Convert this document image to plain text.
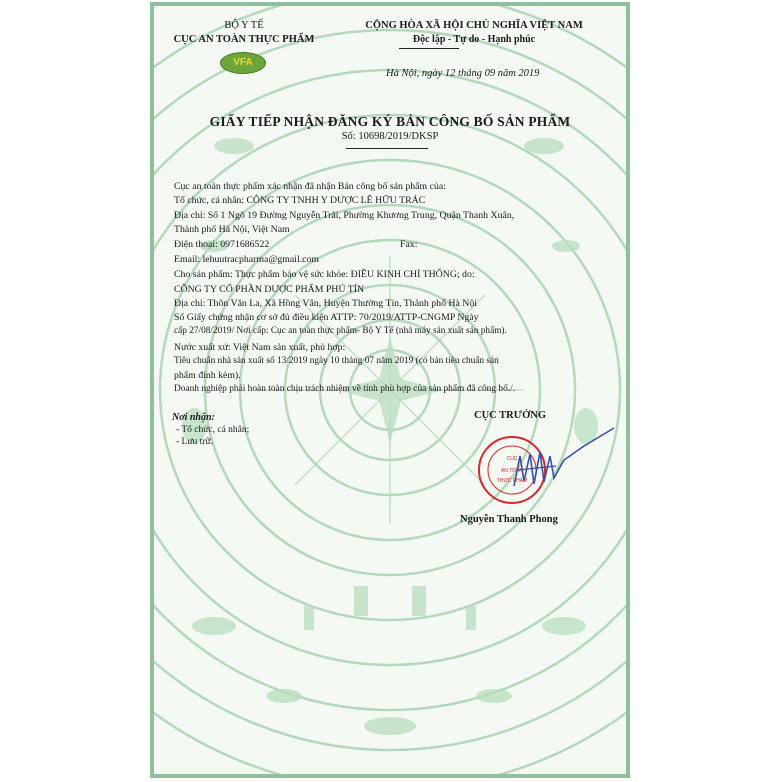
BỘ Y TẾ
CỤC AN TOÀN THỰC PHẨM
VFA
CỘNG HÒA XÃ HỘI CHỦ NGHĨA VIỆT NAM
Độc lập - Tự do - Hạnh phúc
Hà Nội, ngày 12 tháng 09 năm 2019
GIẤY TIẾP NHẬN ĐĂNG KÝ BẢN CÔNG BỐ SẢN PHẨM
Số: 10698/2019/DKSP
Cục an toàn thực phẩm xác nhận đã nhận Bản công bố sản phẩm của:
Tổ chức, cá nhân: CÔNG TY TNHH Y DƯỢC LÊ HỮU TRÁC
Địa chỉ: Số 1 Ngõ 19 Đường Nguyễn Trãi, Phường Khương Trung, Quận Thanh Xuân,
Thành phố Hà Nội, Việt Nam
Điện thoại: 0971686522	Fax:
Email: lehuutracpharma@gmail.com
Cho sản phẩm: Thực phẩm bảo vệ sức khỏe: ĐIỀU KINH CHỈ THỐNG; do:
CÔNG TY CỔ PHẦN DƯỢC PHẨM PHÚ TÍN
Địa chỉ: Thôn Văn La, Xã Hồng Vân, Huyện Thường Tín, Thành phố Hà Nội
Số Giấy chứng nhận cơ sở đủ điều kiện ATTP: 70/2019/ATTP-CNGMP Ngày
cấp 27/08/2019/ Nơi cấp: Cục an toàn thực phẩm- Bộ Y Tế (nhà máy sản xuất sản phẩm).
Nước xuất xứ: Việt Nam sản xuất, phù hợp:
Tiêu chuẩn nhà sản xuất số 13/2019 ngày 10 tháng 07 năm 2019 (có bản tiêu chuẩn sản
phẩm đính kèm).
Doanh nghiệp phải hoàn toàn chịu trách nhiệm về tính phù hợp của sản phẩm đã công bố./.
Nơi nhận:
- Tổ chức, cá nhân;
- Lưu trữ.
CỤC TRƯỞNG
CỤC
AN TOÀN
THỰC PHẨM
Nguyễn Thanh Phong
